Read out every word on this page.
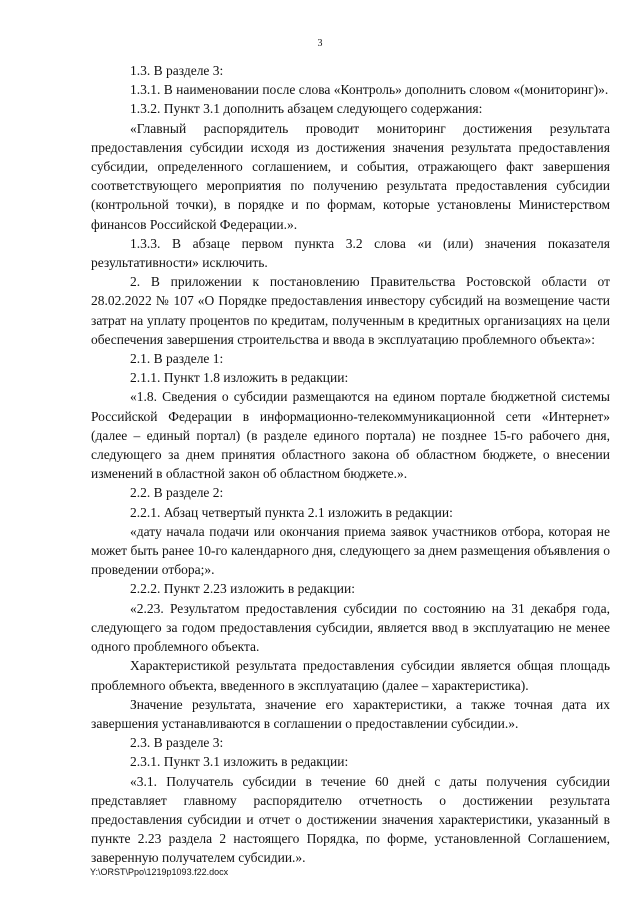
3

1.3. В разделе 3:

1.3.1. В наименовании после слова «Контроль» дополнить словом «(мониторинг)».

1.3.2. Пункт 3.1 дополнить абзацем следующего содержания:

«Главный распорядитель проводит мониторинг достижения результата предоставления субсидии исходя из достижения значения результата предоставления субсидии, определенного соглашением, и события, отражающего факт завершения соответствующего мероприятия по получению результата предоставления субсидии (контрольной точки), в порядке и по формам, которые установлены Министерством финансов Российской Федерации.».

1.3.3. В абзаце первом пункта 3.2 слова «и (или) значения показателя результативности» исключить.

2. В приложении к постановлению Правительства Ростовской области от 28.02.2022 № 107 «О Порядке предоставления инвестору субсидий на возмещение части затрат на уплату процентов по кредитам, полученным в кредитных организациях на цели обеспечения завершения строительства и ввода в эксплуатацию проблемного объекта»:

2.1. В разделе 1:

2.1.1. Пункт 1.8 изложить в редакции:

«1.8. Сведения о субсидии размещаются на едином портале бюджетной системы Российской Федерации в информационно-телекоммуникационной сети «Интернет» (далее – единый портал) (в разделе единого портала) не позднее 15-го рабочего дня, следующего за днем принятия областного закона об областном бюджете, о внесении изменений в областной закон об областном бюджете.».

2.2. В разделе 2:

2.2.1. Абзац четвертый пункта 2.1 изложить в редакции:

«дату начала подачи или окончания приема заявок участников отбора, которая не может быть ранее 10-го календарного дня, следующего за днем размещения объявления о проведении отбора;».

2.2.2. Пункт 2.23 изложить в редакции:

«2.23. Результатом предоставления субсидии по состоянию на 31 декабря года, следующего за годом предоставления субсидии, является ввод в эксплуатацию не менее одного проблемного объекта.

Характеристикой результата предоставления субсидии является общая площадь проблемного объекта, введенного в эксплуатацию (далее – характеристика).

Значение результата, значение его характеристики, а также точная дата их завершения устанавливаются в соглашении о предоставлении субсидии.».

2.3. В разделе 3:

2.3.1. Пункт 3.1 изложить в редакции:

«3.1. Получатель субсидии в течение 60 дней с даты получения субсидии представляет главному распорядителю отчетность о достижении результата предоставления субсидии и отчет о достижении значения характеристики, указанный в пункте 2.23 раздела 2 настоящего Порядка, по форме, установленной Соглашением, заверенную получателем субсидии.».

Y:\ORST\Ppo\1219p1093.f22.docx
